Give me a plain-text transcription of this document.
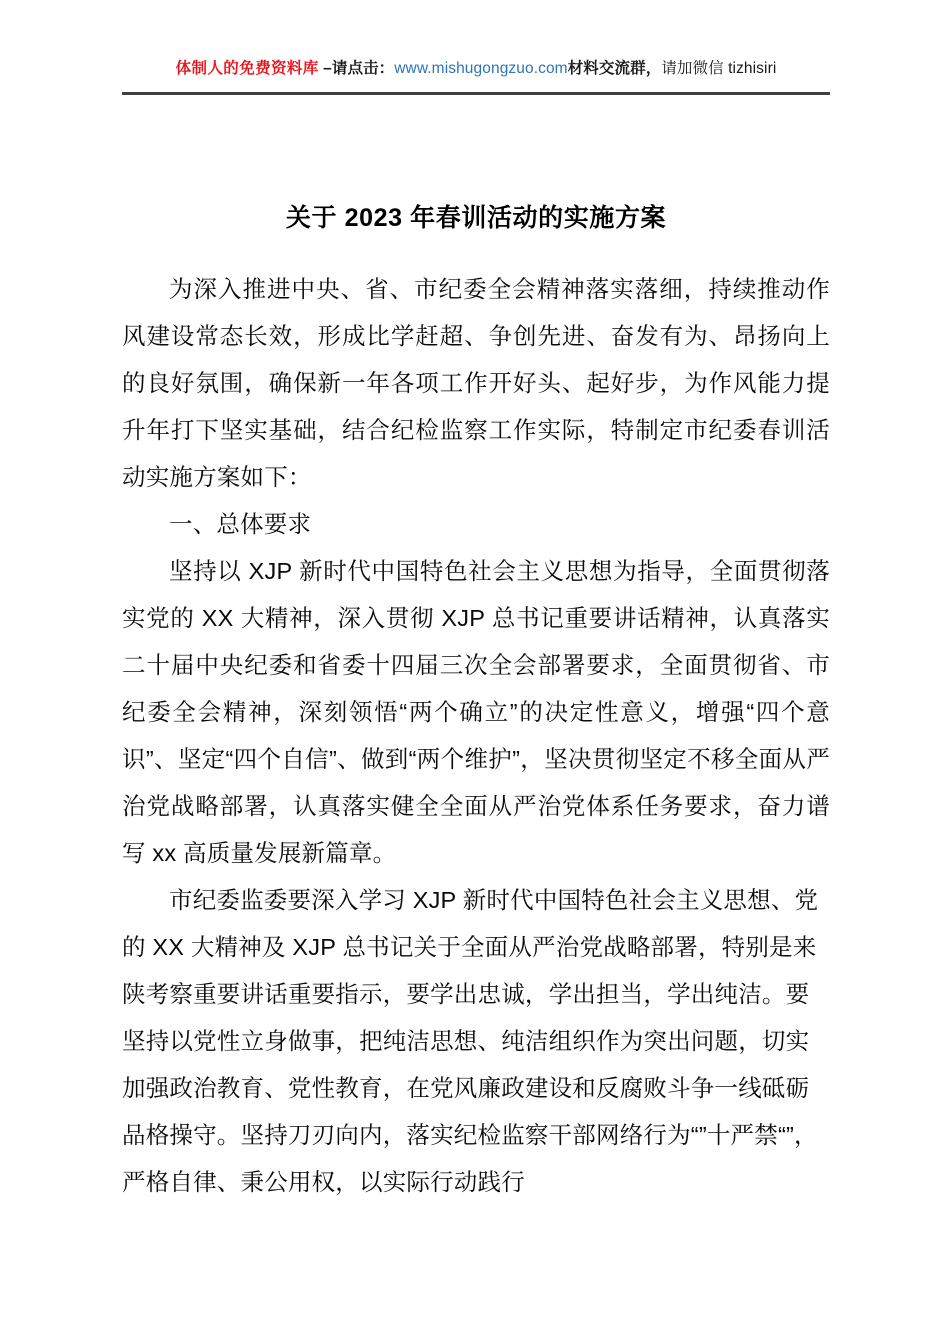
体制人的免费资料库 –请点击：www.mishugongzuo.com材料交流群，请加微信 tizhisiri
关于 2023 年春训活动的实施方案

为深入推进中央、省、市纪委全会精神落实落细，持续推动作风建设常态长效，形成比学赶超、争创先进、奋发有为、昂扬向上的良好氛围，确保新一年各项工作开好头、起好步，为作风能力提升年打下坚实基础，结合纪检监察工作实际，特制定市纪委春训活动实施方案如下：

一、总体要求

坚持以 XJP 新时代中国特色社会主义思想为指导，全面贯彻落实党的 XX 大精神，深入贯彻 XJP 总书记重要讲话精神，认真落实二十届中央纪委和省委十四届三次全会部署要求，全面贯彻省、市纪委全会精神，深刻领悟“两个确立”的决定性意义，增强“四个意识”、坚定“四个自信”、做到“两个维护”，坚决贯彻坚定不移全面从严治党战略部署，认真落实健全全面从严治党体系任务要求，奋力谱写 xx 高质量发展新篇章。

市纪委监委要深入学习 XJP 新时代中国特色社会主义思想、党的 XX 大精神及 XJP 总书记关于全面从严治党战略部署，特别是来陕考察重要讲话重要指示，要学出忠诚，学出担当，学出纯洁。要坚持以党性立身做事，把纯洁思想、纯洁组织作为突出问题，切实加强政治教育、党性教育，在党风廉政建设和反腐败斗争一线砥砺品格操守。坚持刀刃向内，落实纪检监察干部网络行为“”十严禁“”，严格自律、秉公用权，以实际行动践行
